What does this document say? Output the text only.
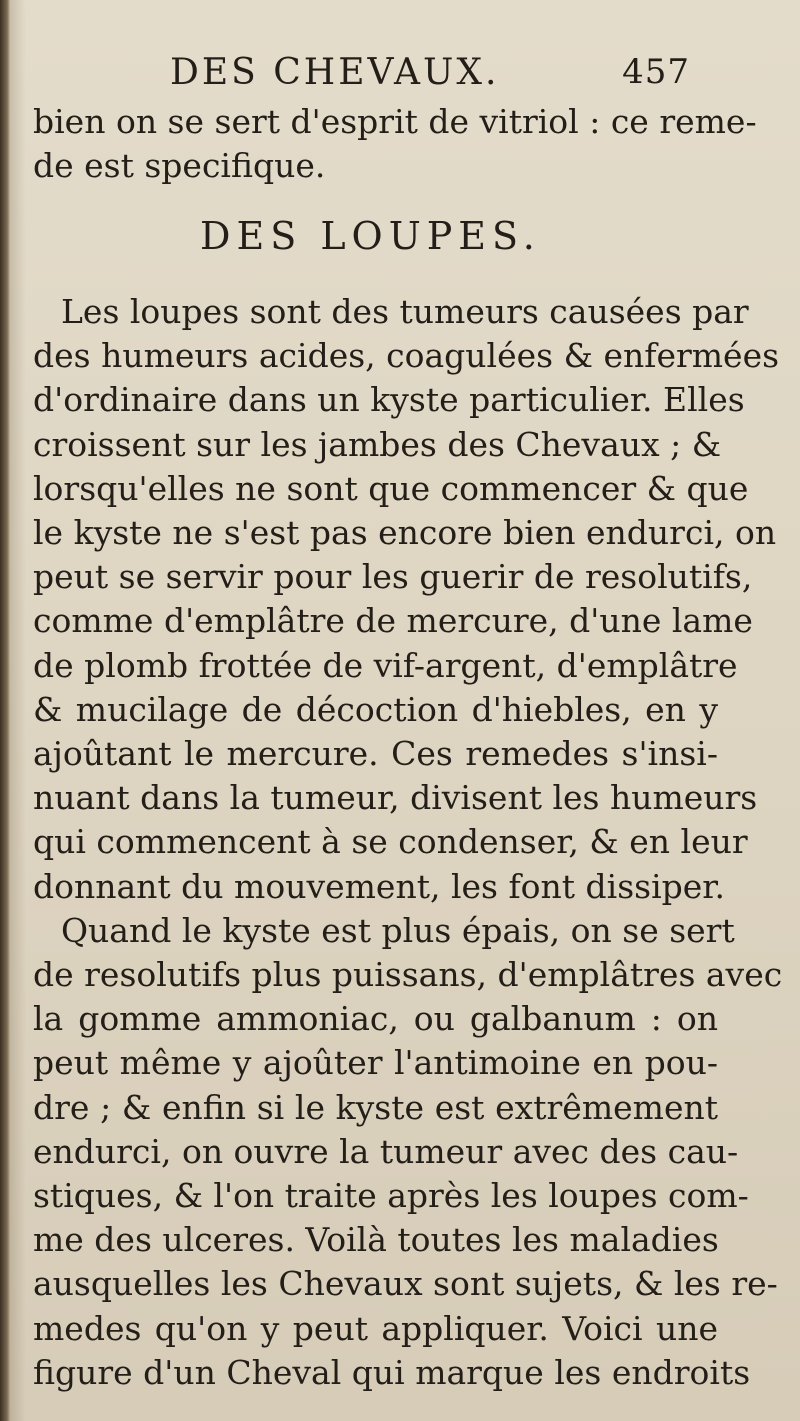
DES CHEVAUX.	457
bien on se sert d'esprit de vitriol : ce reme-
de est specifique.
DES LOUPES.
Les loupes sont des tumeurs causées par
des humeurs acides, coagulées & enfermées
d'ordinaire dans un kyste particulier. Elles
croissent sur les jambes des Chevaux ; &
lorsqu'elles ne sont que commencer & que
le kyste ne s'est pas encore bien endurci, on
peut se servir pour les guerir de resolutifs,
comme d'emplâtre de mercure, d'une lame
de plomb frottée de vif-argent, d'emplâtre
& mucilage de décoction d'hiebles, en y
ajoûtant le mercure. Ces remedes s'insi-
nuant dans la tumeur, divisent les humeurs
qui commencent à se condenser, & en leur
donnant du mouvement, les font dissiper.
Quand le kyste est plus épais, on se sert
de resolutifs plus puissans, d'emplâtres avec
la gomme ammoniac, ou galbanum : on
peut même y ajoûter l'antimoine en pou-
dre ; & enfin si le kyste est extrêmement
endurci, on ouvre la tumeur avec des cau-
stiques, & l'on traite après les loupes com-
me des ulceres. Voilà toutes les maladies
ausquelles les Chevaux sont sujets, & les re-
medes qu'on y peut appliquer. Voici une
figure d'un Cheval qui marque les endroits
